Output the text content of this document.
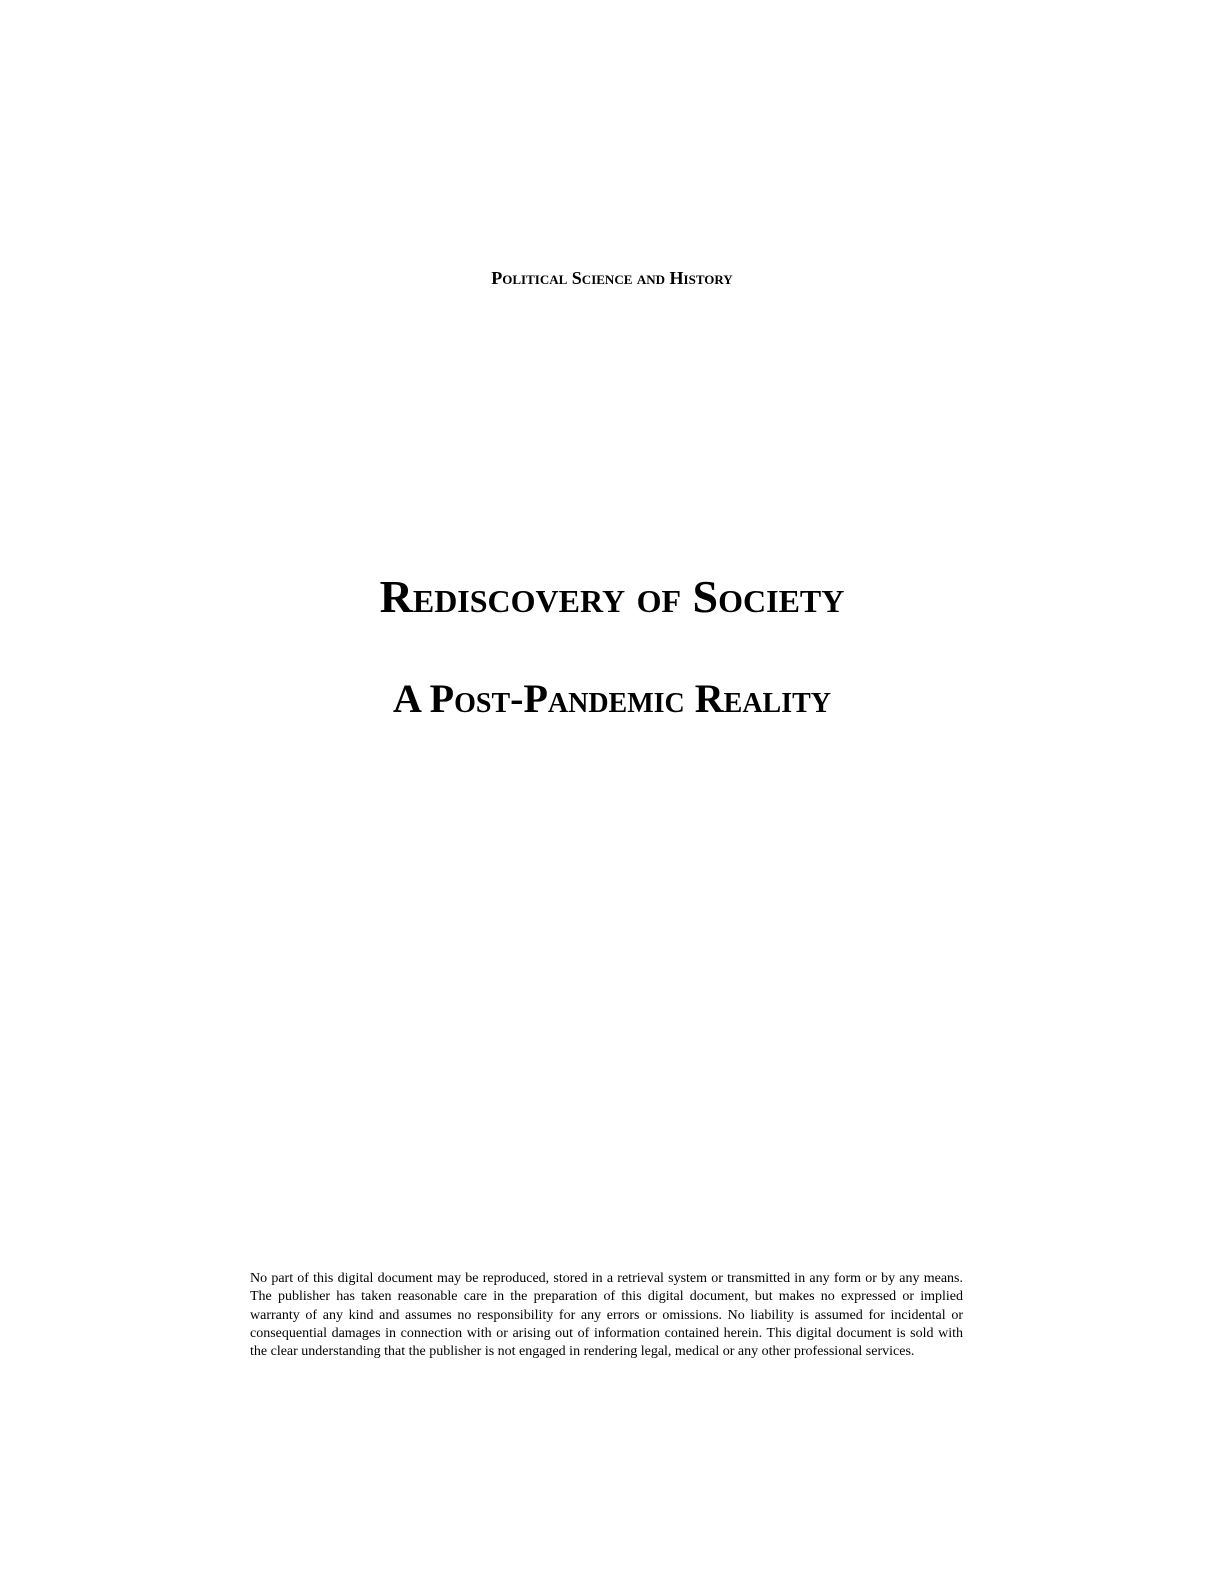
Political Science and History
Rediscovery of Society
A Post-Pandemic Reality
No part of this digital document may be reproduced, stored in a retrieval system or transmitted in any form or by any means. The publisher has taken reasonable care in the preparation of this digital document, but makes no expressed or implied warranty of any kind and assumes no responsibility for any errors or omissions. No liability is assumed for incidental or consequential damages in connection with or arising out of information contained herein. This digital document is sold with the clear understanding that the publisher is not engaged in rendering legal, medical or any other professional services.
